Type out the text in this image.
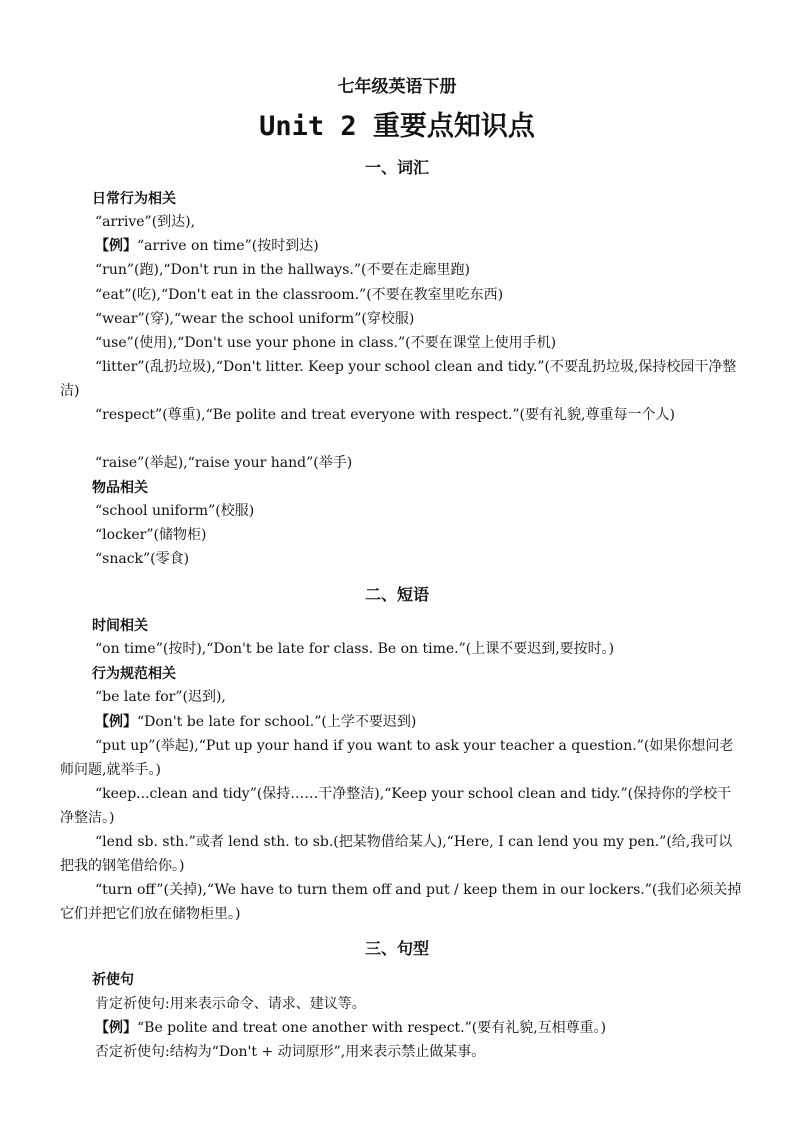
七年级英语下册
Unit 2 重要点知识点
一、词汇
日常行为相关
“arrive”(到达),
【例】“arrive on time”(按时到达)
“run”(跑),“Don't run in the hallways.”(不要在走廊里跑)
“eat”(吃),“Don't eat in the classroom.”(不要在教室里吃东西)
“wear”(穿),“wear the school uniform”(穿校服)
“use”(使用),“Don't use your phone in class.”(不要在课堂上使用手机)
“litter”(乱扔垃圾),“Don't litter. Keep your school clean and tidy.”(不要乱扔垃圾,保持校园干净整洁)
“respect”(尊重),“Be polite and treat everyone with respect.”(要有礼貌,尊重每一个人)
“raise”(举起),“raise your hand”(举手)
物品相关
“school uniform”(校服)
“locker”(储物柜)
“snack”(零食)
二、短语
时间相关
“on time”(按时),“Don't be late for class. Be on time.”(上课不要迟到,要按时。)
行为规范相关
“be late for”(迟到),
【例】“Don't be late for school.”(上学不要迟到)
“put up”(举起),“Put up your hand if you want to ask your teacher a question.”(如果你想问老师问题,就举手。)
“keep...clean and tidy”(保持……干净整洁),“Keep your school clean and tidy.”(保持你的学校干净整洁。)
“lend sb. sth.”或者 lend sth. to sb.(把某物借给某人),“Here, I can lend you my pen.”(给,我可以把我的钢笔借给你。)
“turn off”(关掉),“We have to turn them off and put / keep them in our lockers.”(我们必须关掉它们并把它们放在储物柜里。)
三、句型
祈使句
肯定祈使句:用来表示命令、请求、建议等。
【例】“Be polite and treat one another with respect.”(要有礼貌,互相尊重。)
否定祈使句:结构为“Don't + 动词原形”,用来表示禁止做某事。
